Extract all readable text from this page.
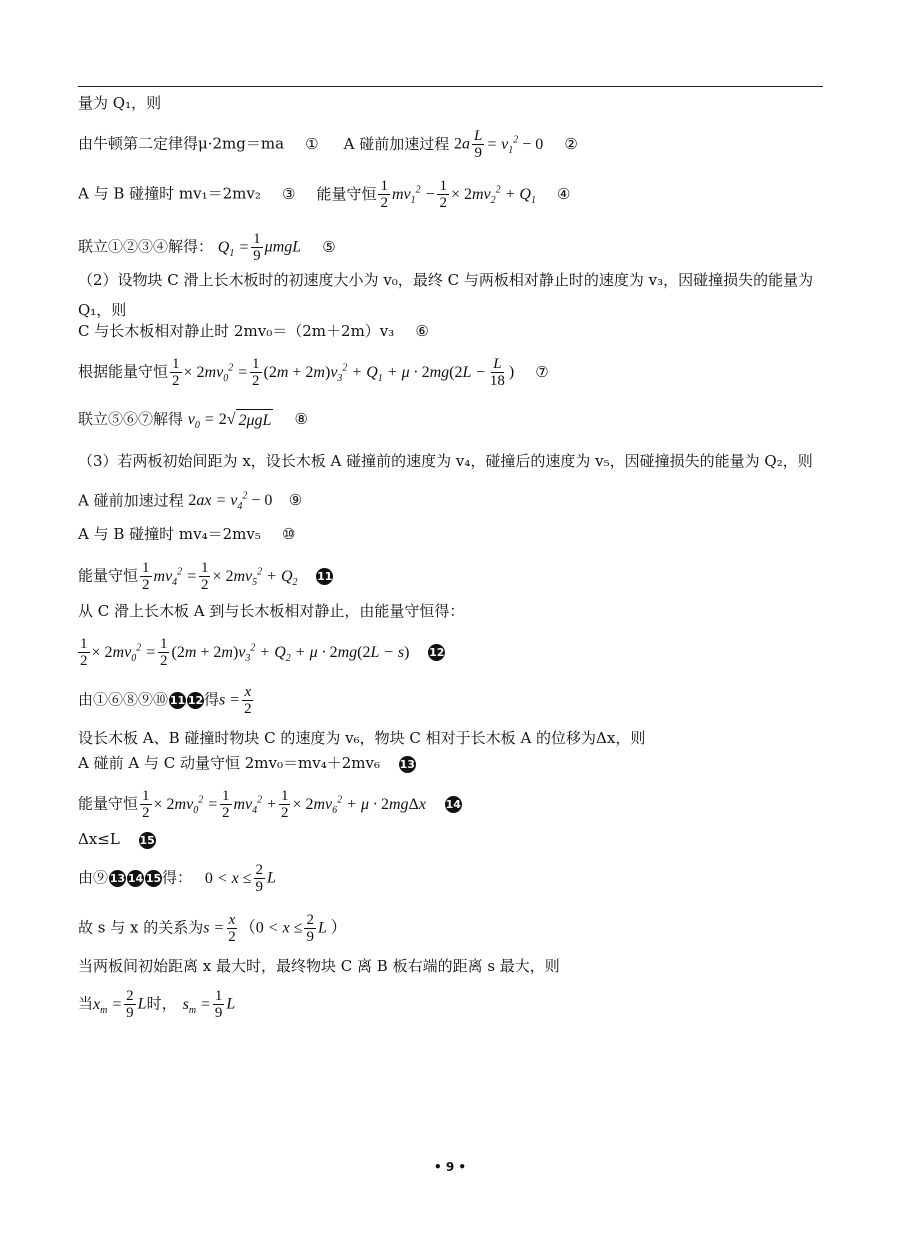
量为 Q₁，则
由牛顿第二定律得μ·2mg＝ma ① A 碰前加速过程 $2a \frac{L}{9} = v_1^2 - 0$ ②
A 与 B 碰撞时 mv₁＝2mv₂ ③ 能量守恒 $\frac{1}{2} mv_1^2 - \frac{1}{2} \times 2mv_2^2 + Q_1$ ④
联立①②③④解得： $Q_1 = \frac{1}{9}$ μmgL ⑤
（2）设物块 C 滑上长木板时的初速度大小为 v₀，最终 C 与两板相对静止时的速度为 v₃，因碰撞损失的能量为 Q₁，则
C 与长木板相对静止时 2mv₀＝（2m＋2m）v₃ ⑥
根据能量守恒 $\frac{1}{2} \times 2mv_0^2 = \frac{1}{2} (2m + 2m)v_3^2 + Q_1 + \mu \cdot 2mg(2L - \frac{L}{18}$ ) ⑦
联立⑤⑥⑦解得 $v_0 = 2√$ 2μgL ⑧
（3）若两板初始间距为 x，设长木板 A 碰撞前的速度为 v₄，碰撞后的速度为 v₅，因碰撞损失的能量为 Q₂，则 A 碰前加速过程 $2ax = v_4^2 - 0$ ⑨
A 与 B 碰撞时 mv₄＝2mv₅ ⑩
能量守恒 $\frac{1}{2} mv_4^2 = \frac{1}{2} \times 2mv_5^2 + Q_2$ 11
从 C 滑上长木板 A 到与长木板相对静止，由能量守恒得：
$\frac{1}{2} \times 2mv_0^2 = \frac{1}{2} (2m + 2m)v_3^2 + Q_2 + \mu \cdot 2mg(2L - s)$ 12
由①⑥⑧⑨⑩ 11 12得$s = \frac{x}{2}$
设长木板 A、B 碰撞时物块 C 的速度为 v₆，物块 C 相对于长木板 A 的位移为Δx，则
A 碰前 A 与 C 动量守恒 2mv₀＝mv₄＋2mv₆ 13
能量守恒 $\frac{1}{2} \times 2mv_0^2 = \frac{1}{2} mv_4^2 + \frac{1}{2} \times 2mv_6^2 + \mu \cdot 2mg\Delta x$ 14
Δx≤L 15
由⑨ 13 14 15得： $0 < x \le \frac{2}{9}$ L
故 s 与 x 的关系为$s = \frac{x}{2} (0 < x \le \frac{2}{9}$ L ）
当两板间初始距离 x 最大时，最终物块 C 离 B 板右端的距离 s 最大，则
当$x_m = \frac{2}{9}$ L时， $s_m = \frac{1}{9}$ L
• 9 •
